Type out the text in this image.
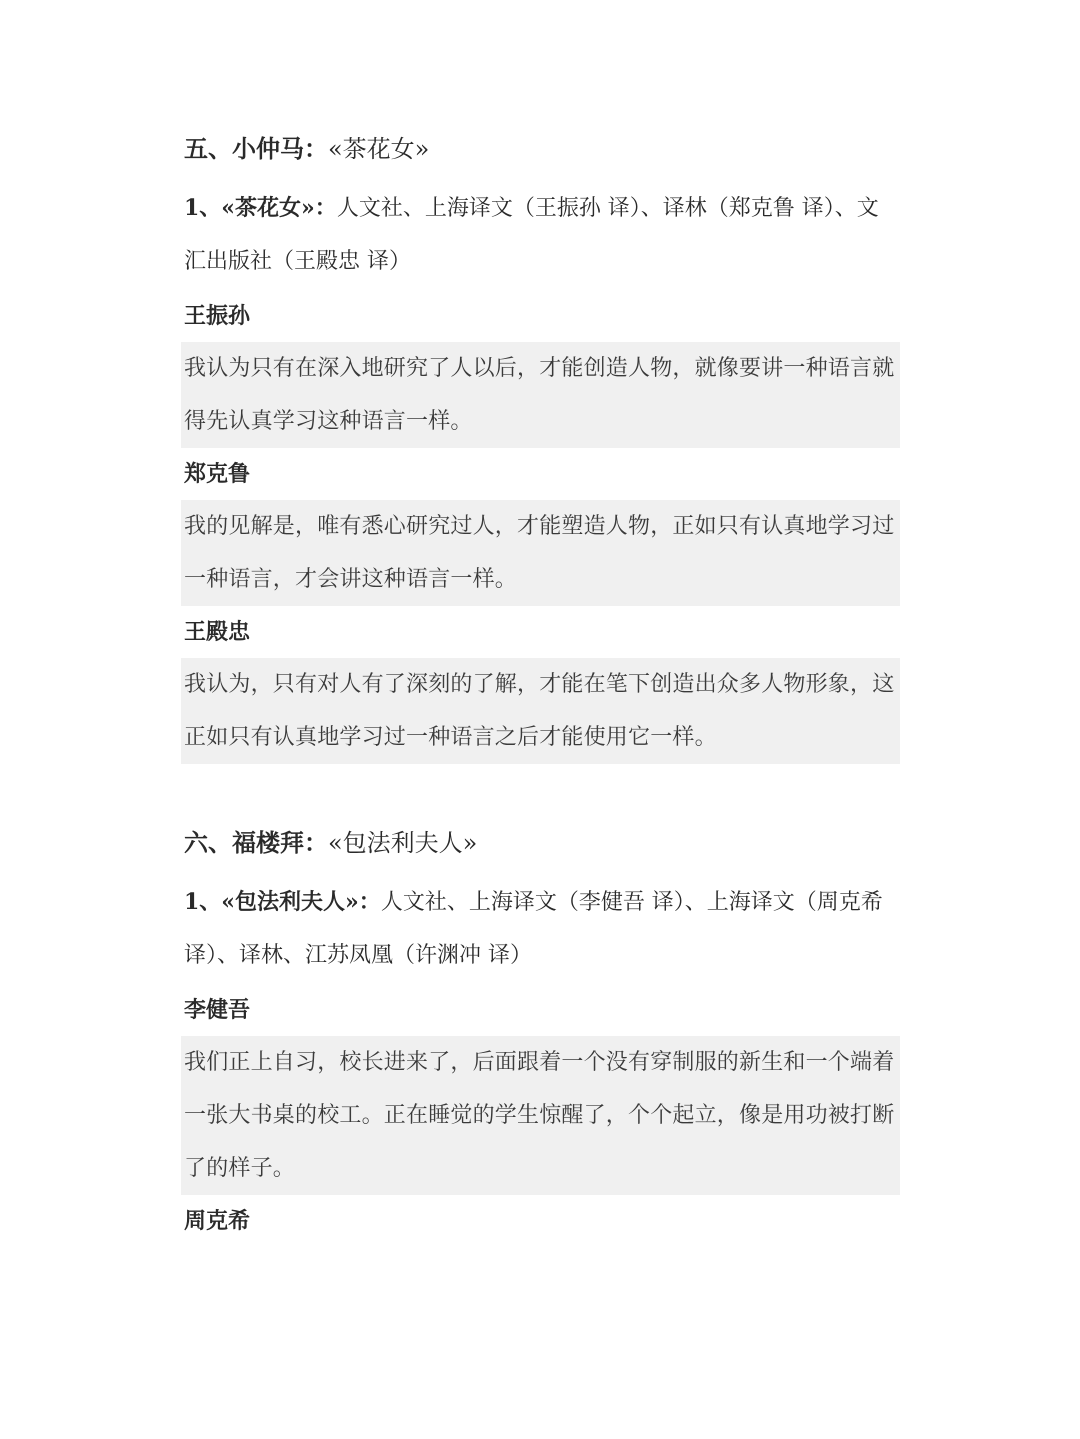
五、小仲马：«茶花女»
1、«茶花女»：人文社、上海译文（王振孙 译）、译林（郑克鲁 译）、文汇出版社（王殿忠 译）
王振孙
我认为只有在深入地研究了人以后，才能创造人物，就像要讲一种语言就得先认真学习这种语言一样。
郑克鲁
我的见解是，唯有悉心研究过人，才能塑造人物，正如只有认真地学习过一种语言，才会讲这种语言一样。
王殿忠
我认为，只有对人有了深刻的了解，才能在笔下创造出众多人物形象，这正如只有认真地学习过一种语言之后才能使用它一样。
六、福楼拜：«包法利夫人»
1、«包法利夫人»：人文社、上海译文（李健吾 译）、上海译文（周克希 译）、译林、江苏凤凰（许渊冲 译）
李健吾
我们正上自习，校长进来了，后面跟着一个没有穿制服的新生和一个端着一张大书桌的校工。正在睡觉的学生惊醒了，个个起立，像是用功被打断了的样子。
周克希
